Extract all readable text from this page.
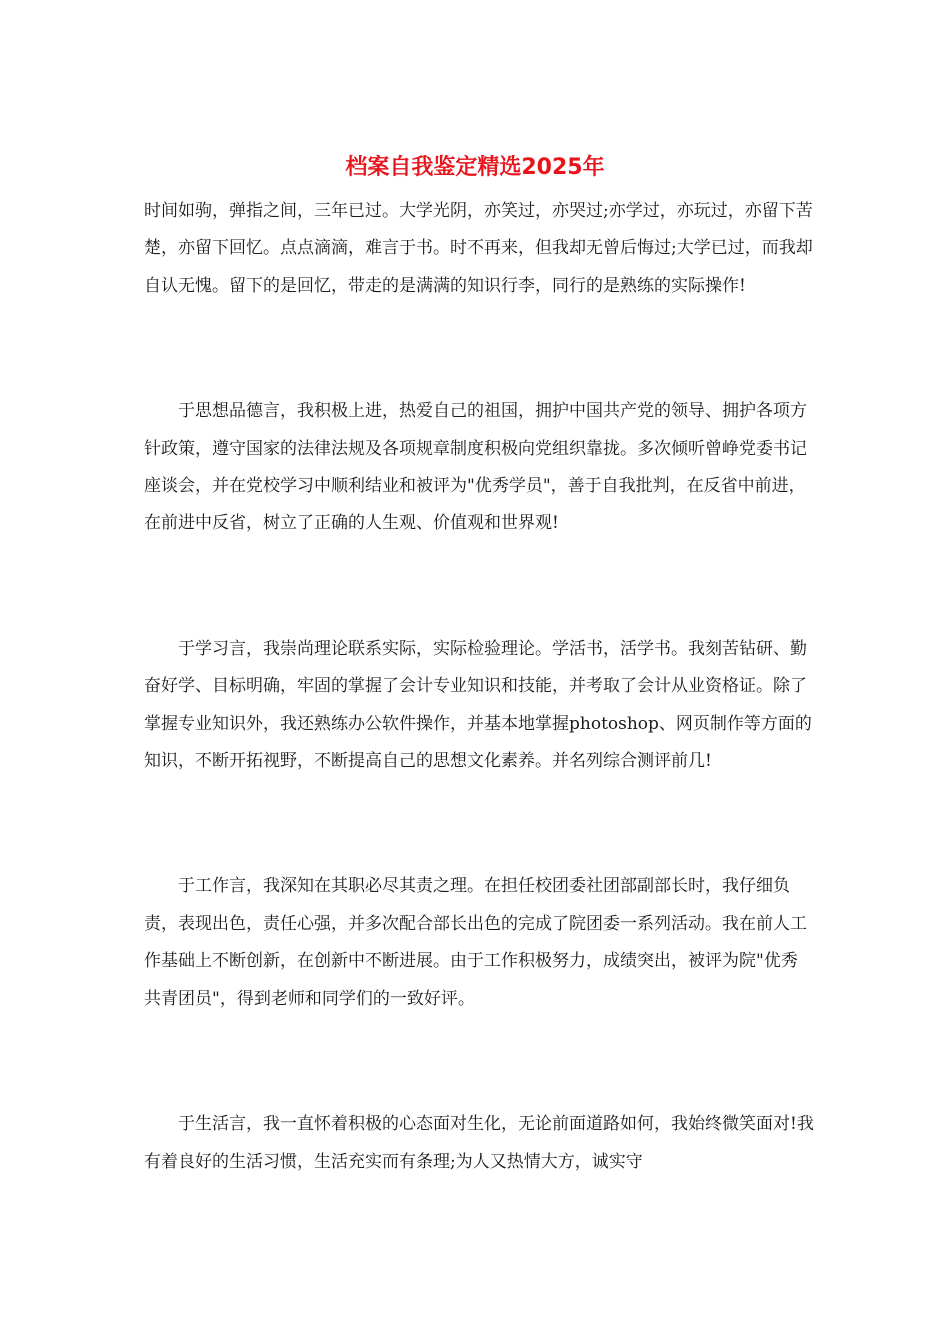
档案自我鉴定精选2025年

时间如驹，弹指之间，三年已过。大学光阴，亦笑过，亦哭过;亦学过，亦玩过，亦留下苦楚，亦留下回忆。点点滴滴，难言于书。时不再来，但我却无曾后悔过;大学已过，而我却自认无愧。留下的是回忆，带走的是满满的知识行李，同行的是熟练的实际操作!

于思想品德言，我积极上进，热爱自己的祖国，拥护中国共产党的领导、拥护各项方针政策，遵守国家的法律法规及各项规章制度积极向党组织靠拢。多次倾听曾峥党委书记座谈会，并在党校学习中顺利结业和被评为"优秀学员"，善于自我批判，在反省中前进，在前进中反省，树立了正确的人生观、价值观和世界观!

于学习言，我崇尚理论联系实际，实际检验理论。学活书，活学书。我刻苦钻研、勤奋好学、目标明确，牢固的掌握了会计专业知识和技能，并考取了会计从业资格证。除了掌握专业知识外，我还熟练办公软件操作，并基本地掌握photoshop、网页制作等方面的知识，不断开拓视野，不断提高自己的思想文化素养。并名列综合测评前几!

于工作言，我深知在其职必尽其责之理。在担任校团委社团部副部长时，我仔细负责，表现出色，责任心强，并多次配合部长出色的完成了院团委一系列活动。我在前人工作基础上不断创新，在创新中不断进展。由于工作积极努力，成绩突出，被评为院"优秀共青团员"，得到老师和同学们的一致好评。

于生活言，我一直怀着积极的心态面对生化，无论前面道路如何，我始终微笑面对!我有着良好的生活习惯，生活充实而有条理;为人又热情大方，诚实守
